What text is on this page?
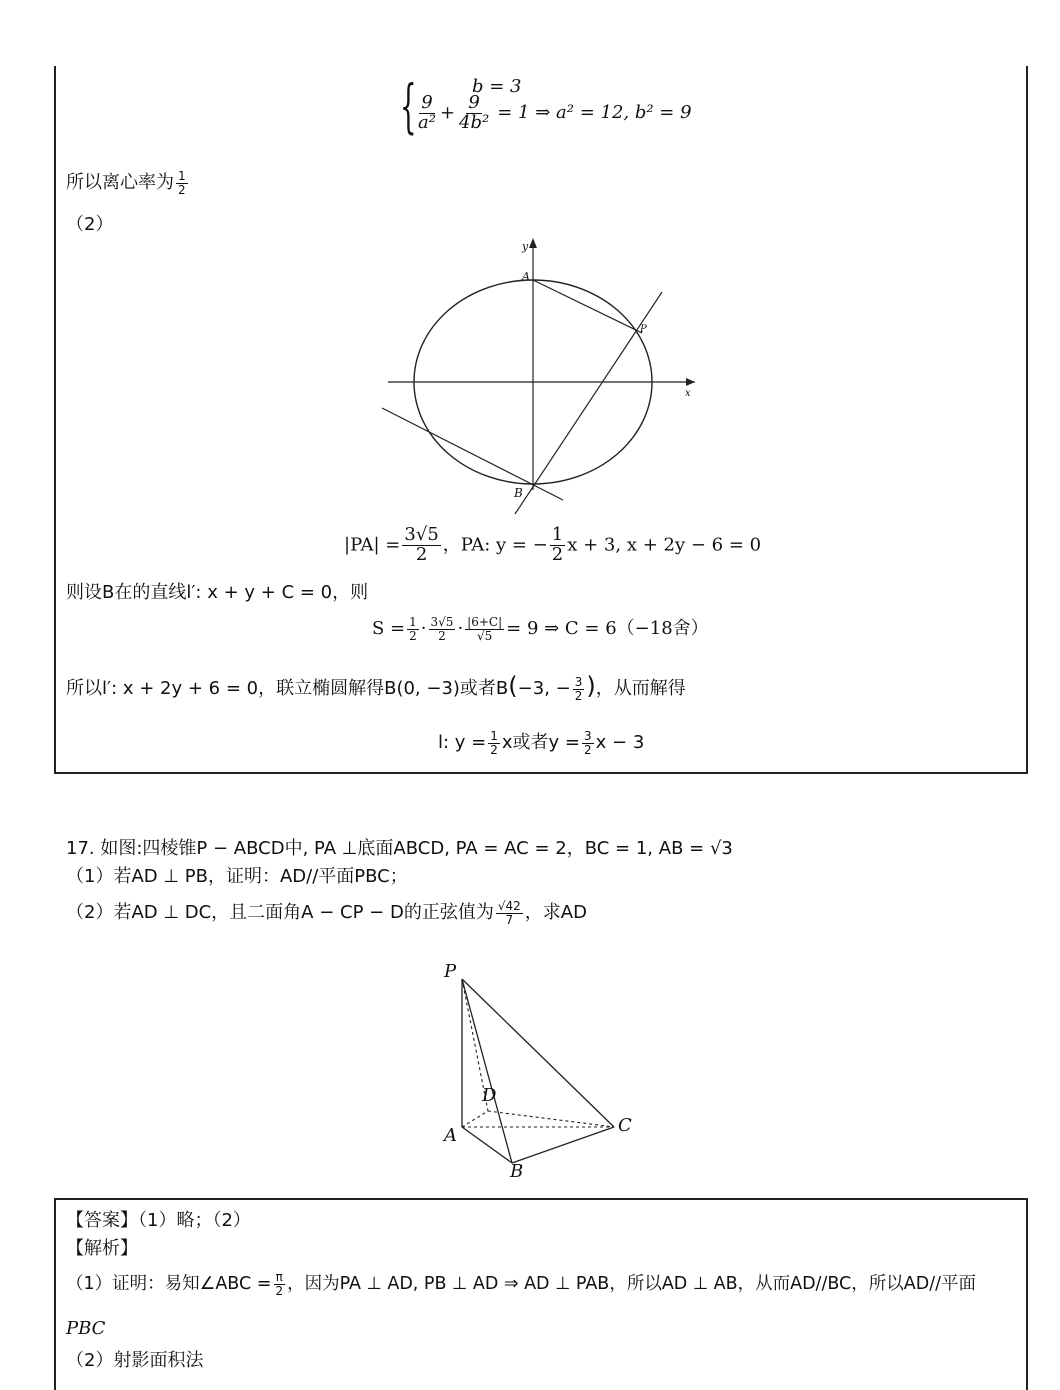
{	b = 3
$\frac{9}{\text{a²}} + \frac{9}{\text{4b²}} = 1$ ⇒ a² = 12, b² = 9
所以离心率为 $\frac{1}{2}$
（2）
y
x
A
B
P
$|PA| = \frac{3√5}{2}$ ，PA: y = − $\frac{1}{2}$ x + 3, x + 2y − 6 = 0
则设B在的直线l′: x + y + C = 0，则
$S = \frac{1}{2} \cdot \frac{3√5}{2} \cdot \frac{|6+C|}{√5} = 9$ ⇒ C = 6（−18舍）
所以l′: x + 2y + 6 = 0，联立椭圆解得B(0, −3)或者B(−3, − $\frac{3}{2}$ )，从而解得
l: $y = \frac{1}{2}$ x或者$y = \frac{3}{2}$ x − 3
17. 如图:四棱锥P − ABCD中, PA ⊥底面ABCD, PA = AC = 2，BC = 1, AB = √3
（1）若AD ⊥ PB，证明：AD//平面PBC；
（2）若AD ⊥ DC，且二面角A − CP − D的正弦值为 $\frac{√42}{7}$ ，求AD
P
D
A
B
C
【答案】（1）略；（2）
【解析】
（1）证明：易知∠ABC = $\frac{\pi}{2}$ ，因为PA ⊥ AD, PB ⊥ AD ⇒ AD ⊥ PAB，所以AD ⊥ AB，从而AD//BC，所以AD//平面
PBC
（2）射影面积法
